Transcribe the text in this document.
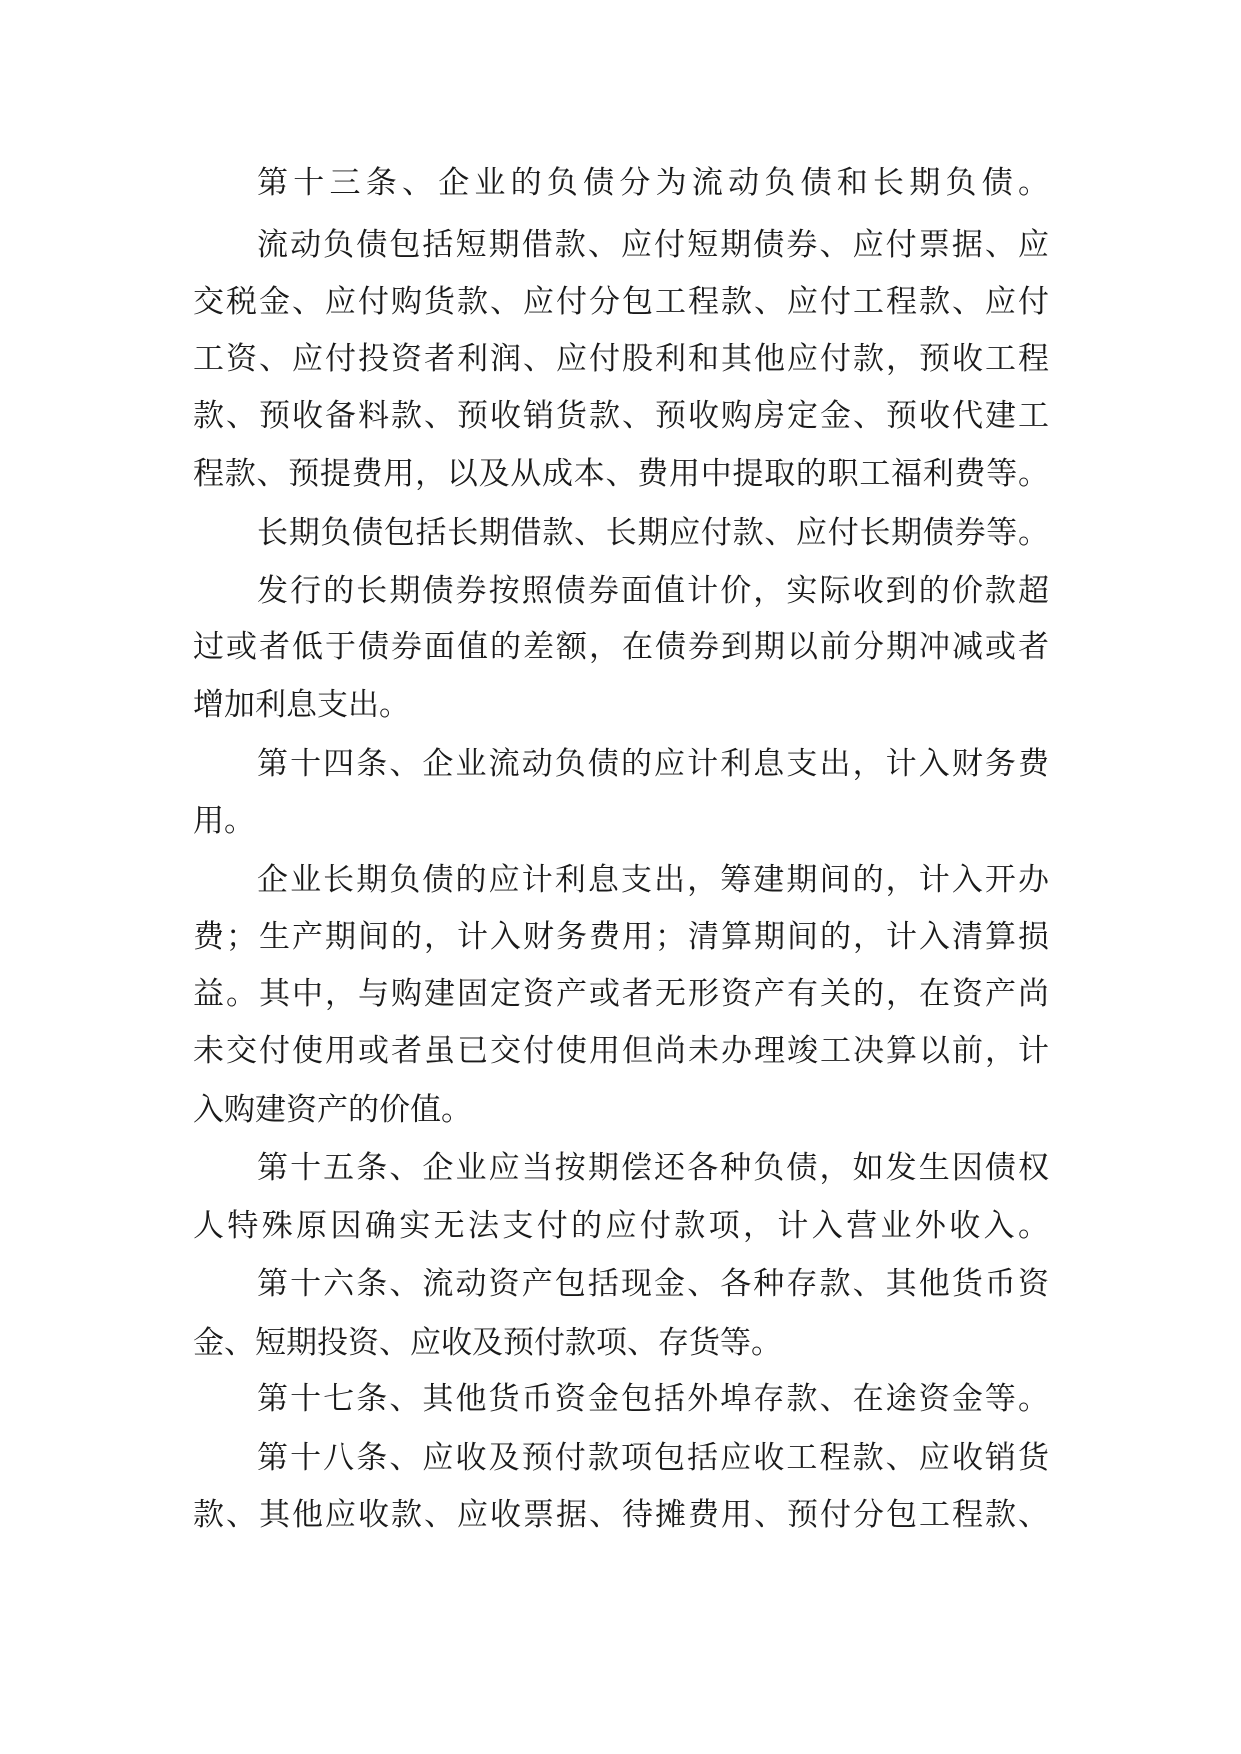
第十三条、企业的负债分为流动负债和长期负债。
流动负债包括短期借款、应付短期债券、应付票据、应
交税金、应付购货款、应付分包工程款、应付工程款、应付
工资、应付投资者利润、应付股利和其他应付款，预收工程
款、预收备料款、预收销货款、预收购房定金、预收代建工
程款、预提费用，以及从成本、费用中提取的职工福利费等。
长期负债包括长期借款、长期应付款、应付长期债券等。
发行的长期债券按照债券面值计价，实际收到的价款超
过或者低于债券面值的差额，在债券到期以前分期冲减或者
增加利息支出。
第十四条、企业流动负债的应计利息支出，计入财务费
用。
企业长期负债的应计利息支出，筹建期间的，计入开办
费；生产期间的，计入财务费用；清算期间的，计入清算损
益。其中，与购建固定资产或者无形资产有关的，在资产尚
未交付使用或者虽已交付使用但尚未办理竣工决算以前，计
入购建资产的价值。
第十五条、企业应当按期偿还各种负债，如发生因债权
人特殊原因确实无法支付的应付款项，计入营业外收入。
第十六条、流动资产包括现金、各种存款、其他货币资
金、短期投资、应收及预付款项、存货等。
第十七条、其他货币资金包括外埠存款、在途资金等。
第十八条、应收及预付款项包括应收工程款、应收销货
款、其他应收款、应收票据、待摊费用、预付分包工程款、
